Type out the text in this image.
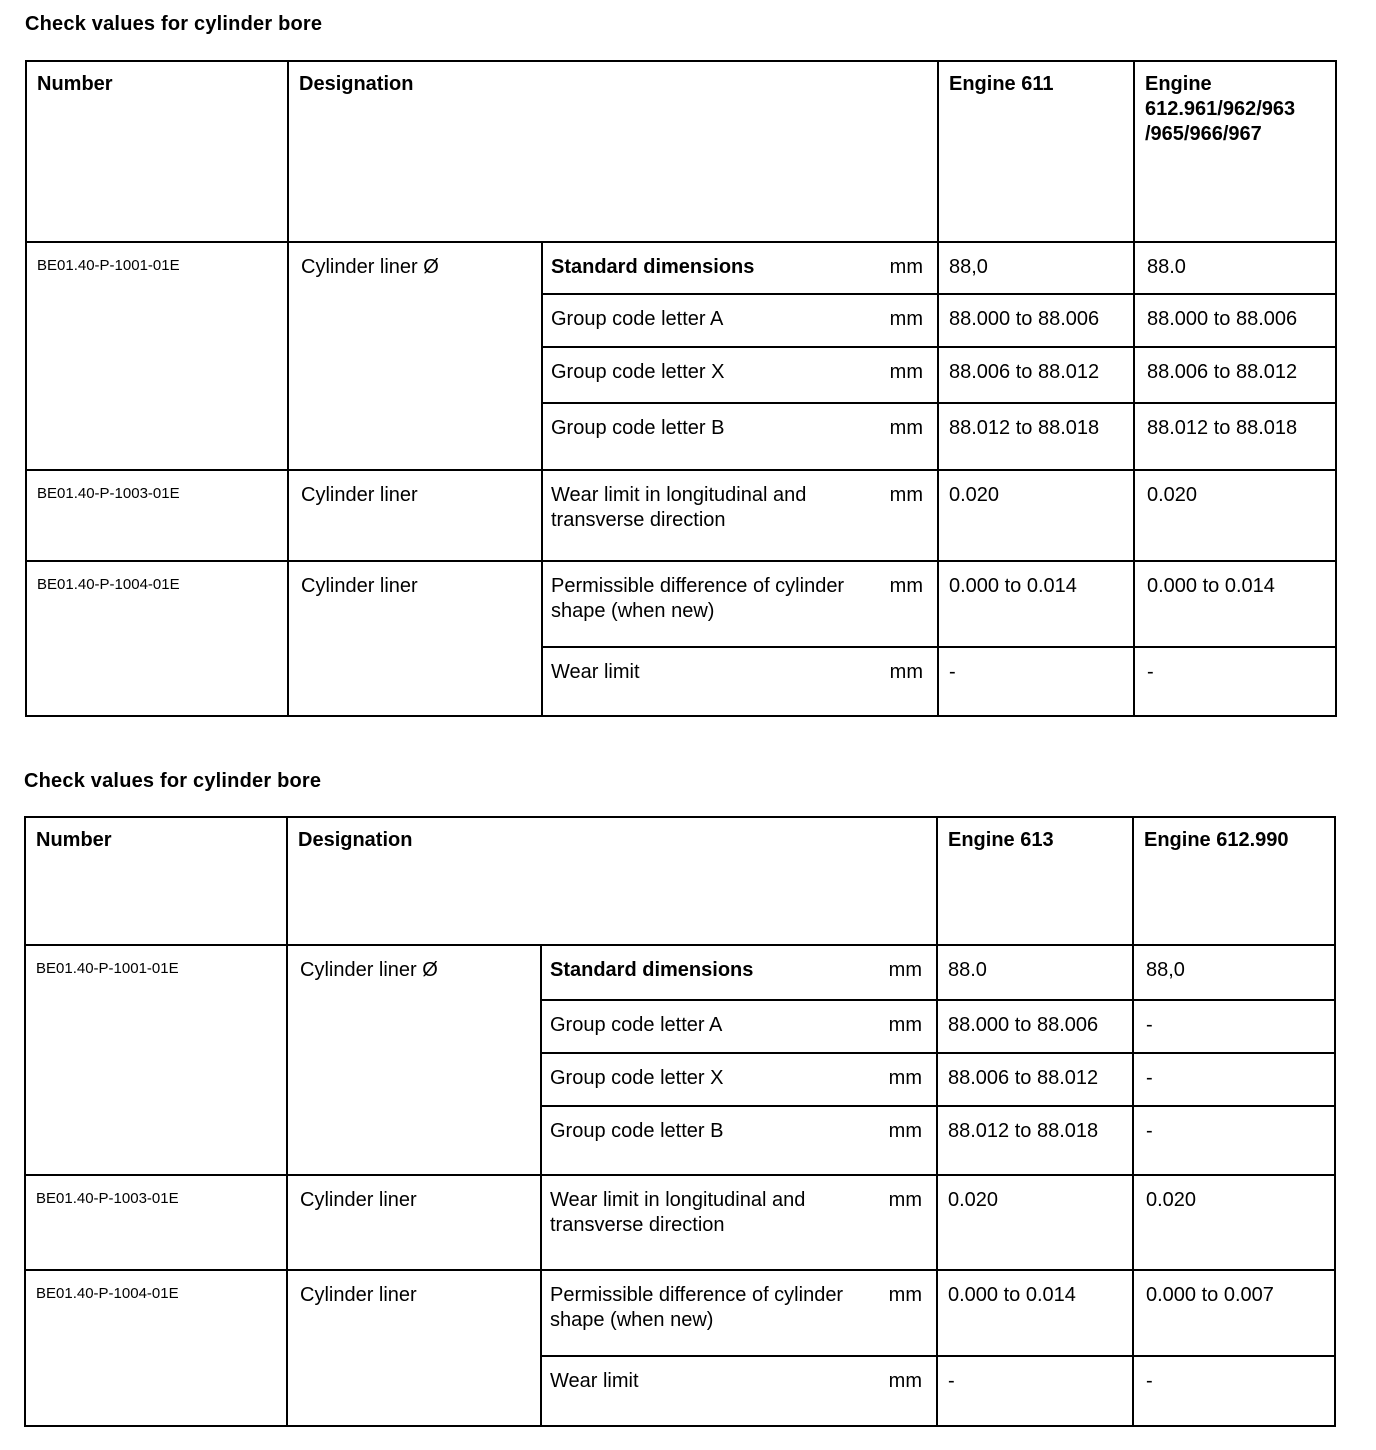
Check values for cylinder bore
Number	Designation			Engine 611	Engine 612.961/962/963 /965/966/967
BE01.40-P-1001-01E	Cylinder liner Ø	Standard dimensions	mm	88,0	88.0
		Group code letter A	mm	88.000 to 88.006	88.000 to 88.006
		Group code letter X	mm	88.006 to 88.012	88.006 to 88.012
		Group code letter B	mm	88.012 to 88.018	88.012 to 88.018
BE01.40-P-1003-01E	Cylinder liner	Wear limit in longitudinal and transverse direction	mm	0.020	0.020
BE01.40-P-1004-01E	Cylinder liner	Permissible difference of cylinder shape (when new)	mm	0.000 to 0.014	0.000 to 0.014
		Wear limit	mm	-	-
Check values for cylinder bore
Number	Designation			Engine 613	Engine 612.990
BE01.40-P-1001-01E	Cylinder liner Ø	Standard dimensions	mm	88.0	88,0
		Group code letter A	mm	88.000 to 88.006	-
		Group code letter X	mm	88.006 to 88.012	-
		Group code letter B	mm	88.012 to 88.018	-
BE01.40-P-1003-01E	Cylinder liner	Wear limit in longitudinal and transverse direction	mm	0.020	0.020
BE01.40-P-1004-01E	Cylinder liner	Permissible difference of cylinder shape (when new)	mm	0.000 to 0.014	0.000 to 0.007
		Wear limit	mm	-	-
